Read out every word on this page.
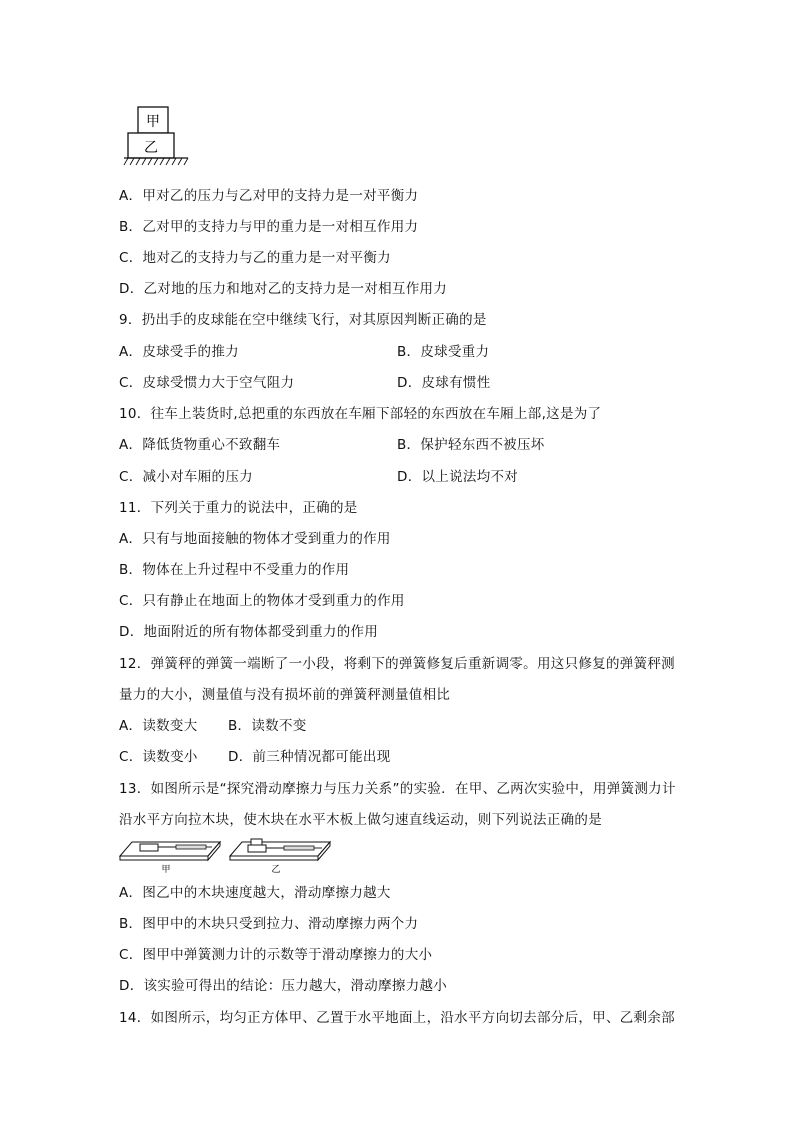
甲
乙
A．甲对乙的压力与乙对甲的支持力是一对平衡力
B．乙对甲的支持力与甲的重力是一对相互作用力
C．地对乙的支持力与乙的重力是一对平衡力
D．乙对地的压力和地对乙的支持力是一对相互作用力
9．扔出手的皮球能在空中继续飞行，对其原因判断正确的是
A．皮球受手的推力	B．皮球受重力
C．皮球受惯力大于空气阻力	D．皮球有惯性
10．往车上装货时,总把重的东西放在车厢下部轻的东西放在车厢上部,这是为了
A．降低货物重心不致翻车	B．保护轻东西不被压坏
C．减小对车厢的压力	D．以上说法均不对
11．下列关于重力的说法中，正确的是
A．只有与地面接触的物体才受到重力的作用
B．物体在上升过程中不受重力的作用
C．只有静止在地面上的物体才受到重力的作用
D．地面附近的所有物体都受到重力的作用
12．弹簧秤的弹簧一端断了一小段，将剩下的弹簧修复后重新调零。用这只修复的弹簧秤测
量力的大小，测量值与没有损坏前的弹簧秤测量值相比
A．读数变大 B．读数不变
C．读数变小 D．前三种情况都可能出现
13．如图所示是“探究滑动摩擦力与压力关系”的实验．在甲、乙两次实验中，用弹簧测力计
沿水平方向拉木块，使木块在水平木板上做匀速直线运动，则下列说法正确的是
甲	乙
A．图乙中的木块速度越大，滑动摩擦力越大
B．图甲中的木块只受到拉力、滑动摩擦力两个力
C．图甲中弹簧测力计的示数等于滑动摩擦力的大小
D．该实验可得出的结论：压力越大，滑动摩擦力越小
14．如图所示，均匀正方体甲、乙置于水平地面上，沿水平方向切去部分后，甲、乙剩余部
